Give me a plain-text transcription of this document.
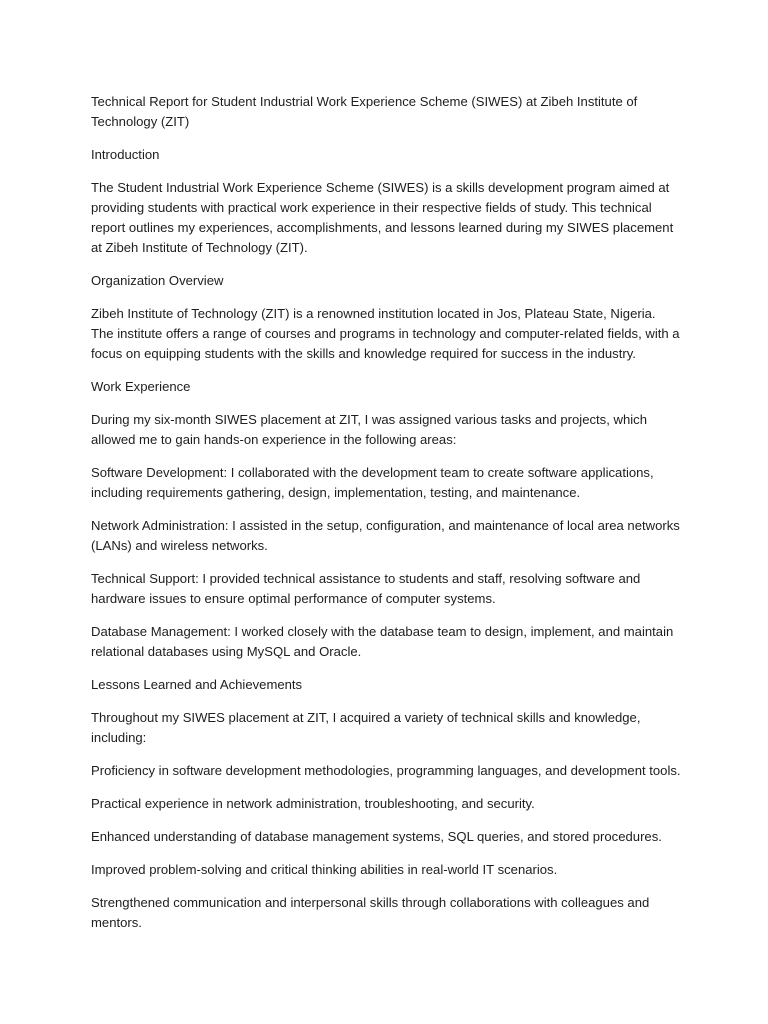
Technical Report for Student Industrial Work Experience Scheme (SIWES) at Zibeh Institute of Technology (ZIT)

Introduction

The Student Industrial Work Experience Scheme (SIWES) is a skills development program aimed at providing students with practical work experience in their respective fields of study. This technical report outlines my experiences, accomplishments, and lessons learned during my SIWES placement at Zibeh Institute of Technology (ZIT).

Organization Overview

Zibeh Institute of Technology (ZIT) is a renowned institution located in Jos, Plateau State, Nigeria. The institute offers a range of courses and programs in technology and computer-related fields, with a focus on equipping students with the skills and knowledge required for success in the industry.

Work Experience

During my six-month SIWES placement at ZIT, I was assigned various tasks and projects, which allowed me to gain hands-on experience in the following areas:

Software Development: I collaborated with the development team to create software applications, including requirements gathering, design, implementation, testing, and maintenance.

Network Administration: I assisted in the setup, configuration, and maintenance of local area networks (LANs) and wireless networks.

Technical Support: I provided technical assistance to students and staff, resolving software and hardware issues to ensure optimal performance of computer systems.

Database Management: I worked closely with the database team to design, implement, and maintain relational databases using MySQL and Oracle.

Lessons Learned and Achievements

Throughout my SIWES placement at ZIT, I acquired a variety of technical skills and knowledge, including:

Proficiency in software development methodologies, programming languages, and development tools.

Practical experience in network administration, troubleshooting, and security.

Enhanced understanding of database management systems, SQL queries, and stored procedures.

Improved problem-solving and critical thinking abilities in real-world IT scenarios.

Strengthened communication and interpersonal skills through collaborations with colleagues and mentors.
